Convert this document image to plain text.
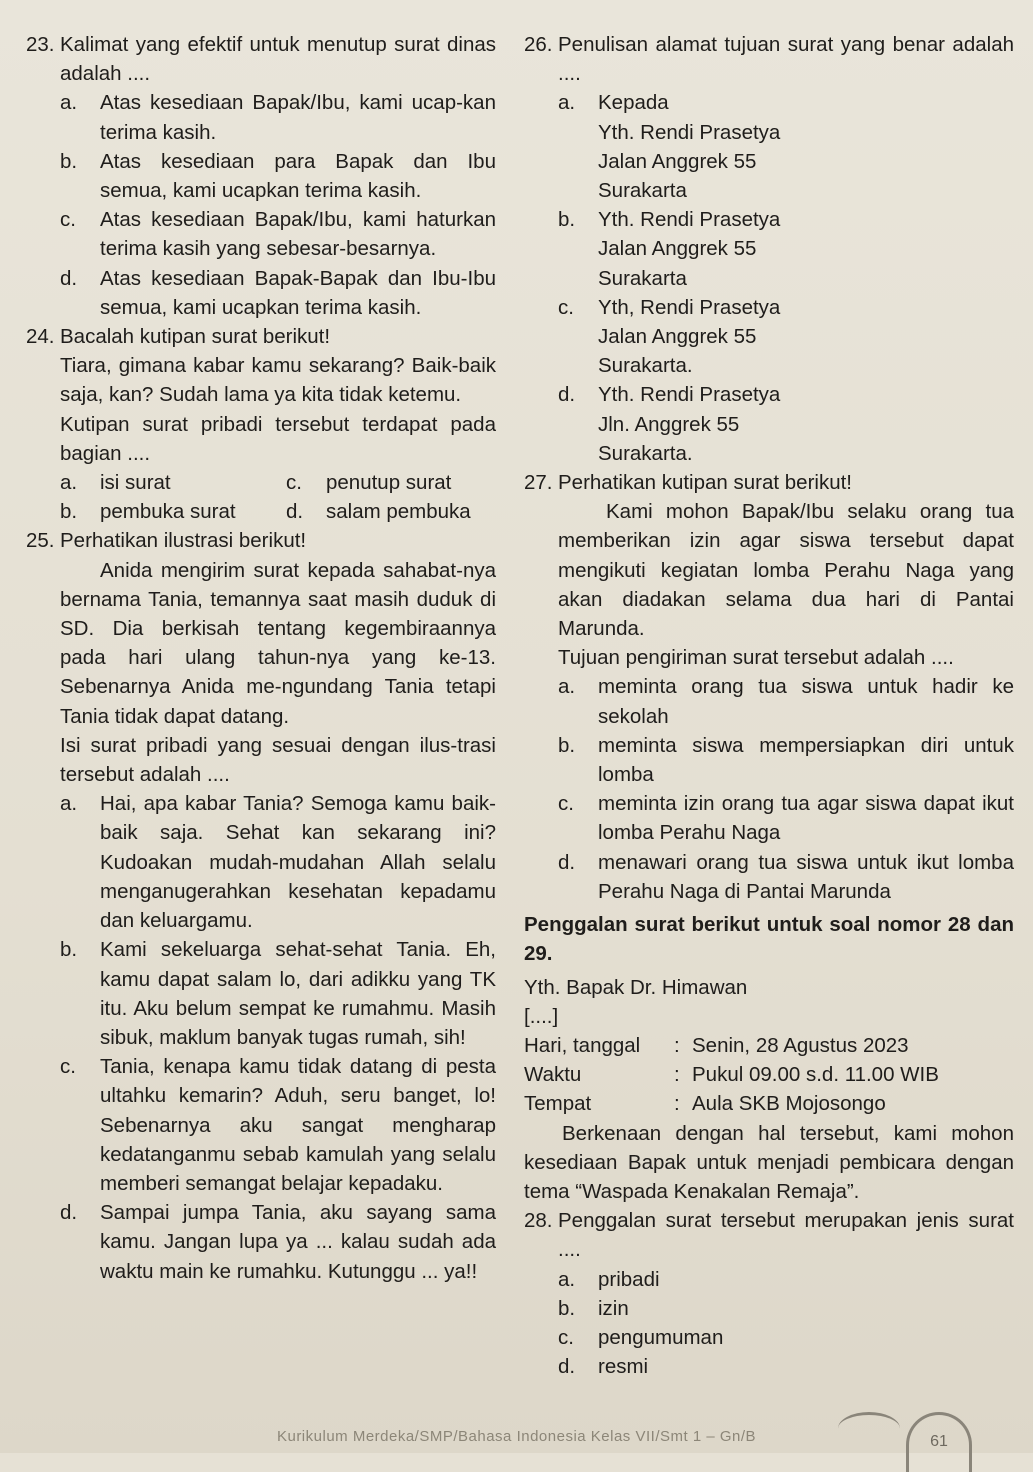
23. Kalimat yang efektif untuk menutup surat dinas adalah ....
a.	Atas kesediaan Bapak/Ibu, kami ucap-kan terima kasih.
b.	Atas kesediaan para Bapak dan Ibu semua, kami ucapkan terima kasih.
c.	Atas kesediaan Bapak/Ibu, kami haturkan terima kasih yang sebesar-besarnya.
d.	Atas kesediaan Bapak-Bapak dan Ibu-Ibu semua, kami ucapkan terima kasih.
24. Bacalah kutipan surat berikut!
Tiara, gimana kabar kamu sekarang? Baik-baik saja, kan? Sudah lama ya kita tidak ketemu.
Kutipan surat pribadi tersebut terdapat pada bagian ....
a.	isi surat	c.	penutup surat
b.	pembuka surat d.	salam pembuka
25. Perhatikan ilustrasi berikut!
Anida mengirim surat kepada sahabat-nya bernama Tania, temannya saat masih duduk di SD. Dia berkisah tentang kegembiraannya pada hari ulang tahun-nya yang ke-13. Sebenarnya Anida me-ngundang Tania tetapi Tania tidak dapat datang.
Isi surat pribadi yang sesuai dengan ilus-trasi tersebut adalah ....
a.	Hai, apa kabar Tania? Semoga kamu baik-baik saja. Sehat kan sekarang ini? Kudoakan mudah-mudahan Allah selalu menganugerahkan kesehatan kepadamu dan keluargamu.
b.	Kami sekeluarga sehat-sehat Tania. Eh, kamu dapat salam lo, dari adikku yang TK itu. Aku belum sempat ke rumahmu. Masih sibuk, maklum banyak tugas rumah, sih!
c.	Tania, kenapa kamu tidak datang di pesta ultahku kemarin? Aduh, seru banget, lo! Sebenarnya aku sangat mengharap kedatanganmu sebab kamulah yang selalu memberi semangat belajar kepadaku.
d.	Sampai jumpa Tania, aku sayang sama kamu. Jangan lupa ya ... kalau sudah ada waktu main ke rumahku. Kutunggu ... ya!!
26. Penulisan alamat tujuan surat yang benar adalah ....
a.	Kepada
Yth. Rendi Prasetya
Jalan Anggrek 55
Surakarta
b.	Yth. Rendi Prasetya
Jalan Anggrek 55
Surakarta
c.	Yth, Rendi Prasetya
Jalan Anggrek 55
Surakarta.
d.	Yth. Rendi Prasetya
Jln. Anggrek 55
Surakarta.
27. Perhatikan kutipan surat berikut!
Kami mohon Bapak/Ibu selaku orang tua memberikan izin agar siswa tersebut dapat mengikuti kegiatan lomba Perahu Naga yang akan diadakan selama dua hari di Pantai Marunda.
Tujuan pengiriman surat tersebut adalah ....
a.	meminta orang tua siswa untuk hadir ke sekolah
b.	meminta siswa mempersiapkan diri untuk lomba
c.	meminta izin orang tua agar siswa dapat ikut lomba Perahu Naga
d.	menawari orang tua siswa untuk ikut lomba Perahu Naga di Pantai Marunda
Penggalan surat berikut untuk soal nomor 28 dan 29.
Yth. Bapak Dr. Himawan
[....]
Hari, tanggal	: Senin, 28 Agustus 2023
Waktu	: Pukul 09.00 s.d. 11.00 WIB
Tempat	: Aula SKB Mojosongo
Berkenaan dengan hal tersebut, kami mohon kesediaan Bapak untuk menjadi pembicara dengan tema “Waspada Kenakalan Remaja”.
28. Penggalan surat tersebut merupakan jenis surat ....
a.	pribadi
b.	izin
c.	pengumuman
d.	resmi
Kurikulum Merdeka/SMP/Bahasa Indonesia Kelas VII/Smt 1 – Gn/B	61
